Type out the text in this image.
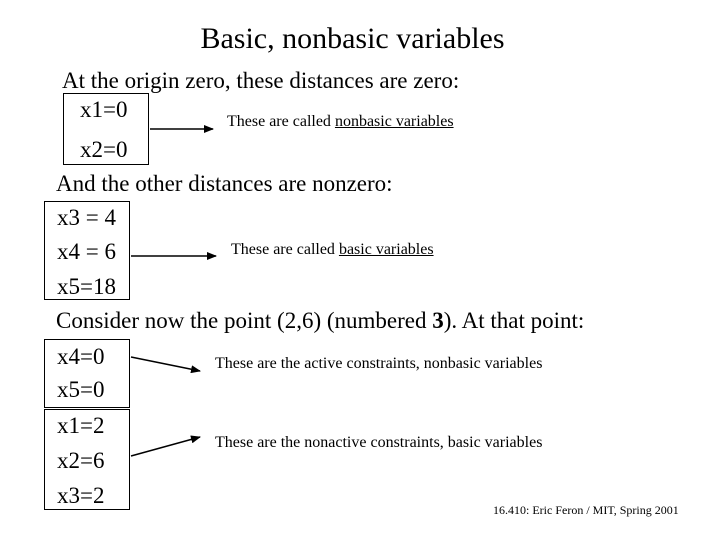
Basic, nonbasic variables
At the origin zero, these distances are zero:
x1=0
x2=0
These are called nonbasic variables
And the other distances are nonzero:
x3 = 4
x4 = 6
x5=18
These are called basic variables
Consider now the point (2,6) (numbered 3). At that point:
x4=0
x5=0
These are the active constraints, nonbasic variables
x1=2
x2=6
x3=2
These are the nonactive constraints, basic variables
16.410: Eric Feron / MIT, Spring 2001
